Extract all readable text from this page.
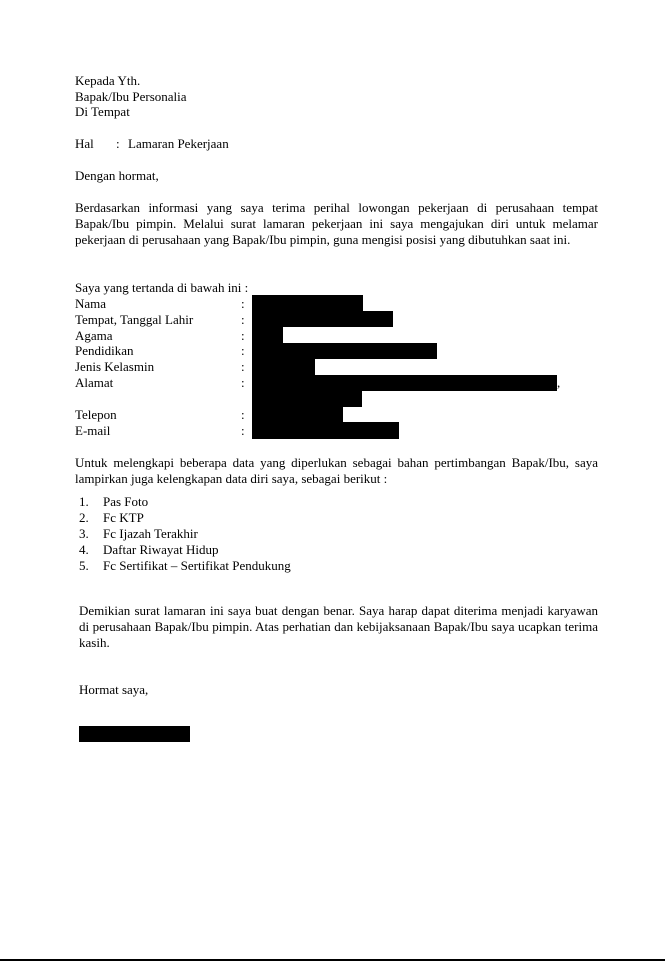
Kepada Yth.
Bapak/Ibu Personalia
Di Tempat
Hal : Lamaran Pekerjaan
Dengan hormat,

Berdasarkan informasi yang saya terima perihal lowongan pekerjaan di perusahaan tempat Bapak/Ibu pimpin. Melalui surat lamaran pekerjaan ini saya mengajukan diri untuk melamar pekerjaan di perusahaan yang Bapak/Ibu pimpin, guna mengisi posisi yang dibutuhkan saat ini.

Saya yang tertanda di bawah ini :
Nama	:
Tempat, Tanggal Lahir	:
Agama	:
Pendidikan	:
Jenis Kelasmin	:
Alamat	:	,
Telepon	:
E-mail	:

Untuk melengkapi beberapa data yang diperlukan sebagai bahan pertimbangan Bapak/Ibu, saya lampirkan juga kelengkapan data diri saya, sebagai berikut :

1. Pas Foto
2. Fc KTP
3. Fc Ijazah Terakhir
4. Daftar Riwayat Hidup
5. Fc Sertifikat – Sertifikat Pendukung

Demikian surat lamaran ini saya buat dengan benar. Saya harap dapat diterima menjadi karyawan di perusahaan Bapak/Ibu pimpin. Atas perhatian dan kebijaksanaan Bapak/Ibu saya ucapkan terima kasih.

Hormat saya,
